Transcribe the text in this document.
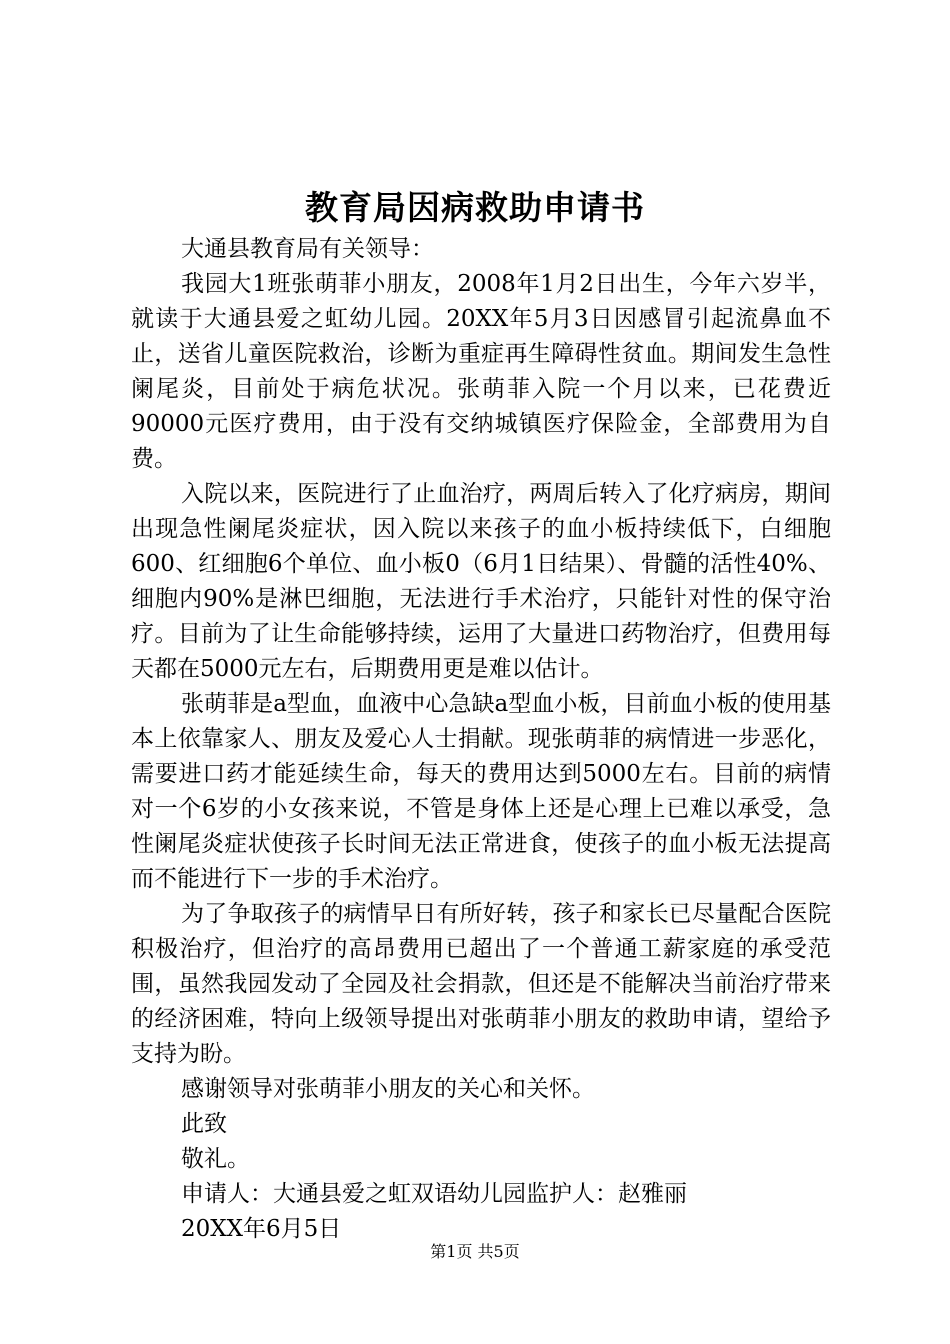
教育局因病救助申请书

大通县教育局有关领导：

我园大1班张萌菲小朋友，2008年1月2日出生，今年六岁半，就读于大通县爱之虹幼儿园。20XX年5月3日因感冒引起流鼻血不止，送省儿童医院救治，诊断为重症再生障碍性贫血。期间发生急性阑尾炎，目前处于病危状况。张萌菲入院一个月以来，已花费近90000元医疗费用，由于没有交纳城镇医疗保险金，全部费用为自费。

入院以来，医院进行了止血治疗，两周后转入了化疗病房，期间出现急性阑尾炎症状，因入院以来孩子的血小板持续低下，白细胞600、红细胞6个单位、血小板0（6月1日结果）、骨髓的活性40%、细胞内90%是淋巴细胞，无法进行手术治疗，只能针对性的保守治疗。目前为了让生命能够持续，运用了大量进口药物治疗，但费用每天都在5000元左右，后期费用更是难以估计。

张萌菲是a型血，血液中心急缺a型血小板，目前血小板的使用基本上依靠家人、朋友及爱心人士捐献。现张萌菲的病情进一步恶化，需要进口药才能延续生命，每天的费用达到5000左右。目前的病情对一个6岁的小女孩来说，不管是身体上还是心理上已难以承受，急性阑尾炎症状使孩子长时间无法正常进食，使孩子的血小板无法提高而不能进行下一步的手术治疗。

为了争取孩子的病情早日有所好转，孩子和家长已尽量配合医院积极治疗，但治疗的高昂费用已超出了一个普通工薪家庭的承受范围，虽然我园发动了全园及社会捐款，但还是不能解决当前治疗带来的经济困难，特向上级领导提出对张萌菲小朋友的救助申请，望给予支持为盼。

感谢领导对张萌菲小朋友的关心和关怀。

此致

敬礼。

申请人：大通县爱之虹双语幼儿园监护人：赵雅丽

20XX年6月5日

第1页 共5页
